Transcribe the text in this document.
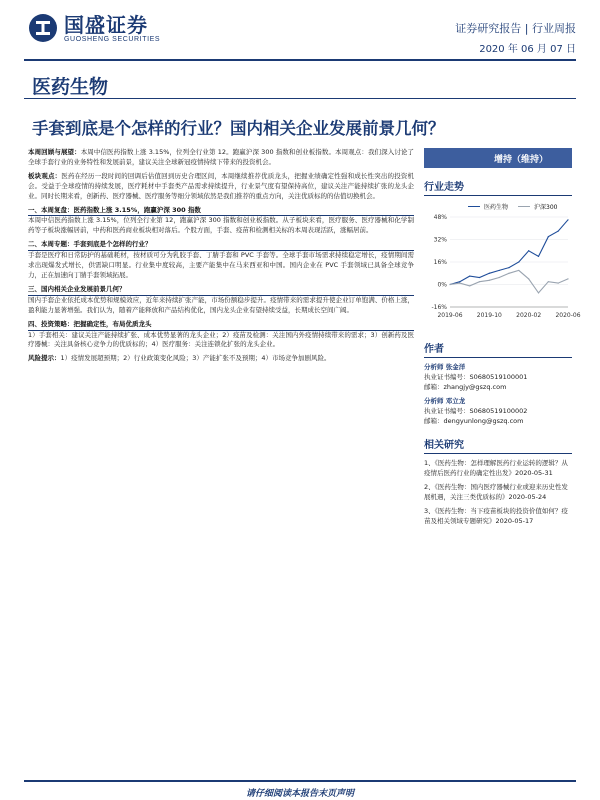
国盛证券
GUOSHENG SECURITIES
证券研究报告 | 行业周报
2020 年 06 月 07 日
医药生物
手套到底是个怎样的行业？国内相关企业发展前景几何？

本周回顾与展望：本周中信医药指数上涨 3.15%，位列全行业第 12。跑赢沪深 300 指数和创业板指数。本周观点：我们深入讨论了全球手套行业的业务特性和发展前景，建议关注全球新冠疫情持续下带来的投资机会。

板块观点：医药在经历一段时间的回调后估值回到历史合理区间，本周继续推荐优质龙头，把握业绩确定性强和成长性突出的投资机会。受益于全球疫情的持续发展，医疗耗材中手套类产品需求持续提升，行业景气度有望保持高位，建议关注产能持续扩张的龙头企业。同时长期来看，创新药、医疗器械、医疗服务等细分领域依然是我们推荐的重点方向，关注优质标的的估值切换机会。

一、本周复盘：医药指数上涨 3.15%，跑赢沪深 300 指数

本周中信医药指数上涨 3.15%，位列全行业第 12，跑赢沪深 300 指数和创业板指数。从子板块来看，医疗服务、医疗器械和化学制药等子板块涨幅居前，中药和医药商业板块相对落后。个股方面，手套、疫苗和检测相关标的本周表现活跃，涨幅居前。

二、本周专题：手套到底是个怎样的行业？

手套是医疗和日常防护的基础耗材，按材质可分为乳胶手套、丁腈手套和 PVC 手套等。全球手套市场需求持续稳定增长，疫情期间需求出现爆发式增长，供需缺口明显。行业集中度较高，主要产能集中在马来西亚和中国。国内企业在 PVC 手套领域已具备全球竞争力，正在加速向丁腈手套领域拓展。

三、国内相关企业发展前景几何？

国内手套企业依托成本优势和规模效应，近年来持续扩张产能，市场份额稳步提升。疫情带来的需求提升使企业订单饱满、价格上涨，盈利能力显著增强。我们认为，随着产能释放和产品结构优化，国内龙头企业有望持续受益，长期成长空间广阔。

四、投资策略：把握确定性，布局优质龙头

1）手套相关：建议关注产能持续扩张、成本优势显著的龙头企业；2）疫苗及检测：关注国内外疫情持续带来的需求；3）创新药及医疗器械：关注具备核心竞争力的优质标的；4）医疗服务：关注连锁化扩张的龙头企业。

风险提示：1）疫情发展超预期；2）行业政策变化风险；3）产能扩张不及预期；4）市场竞争加剧风险。

增持（维持）
行业走势
医药生物	沪深300
48%
32%
16%
0%
-16%
2019-06 2019-10 2020-02 2020-06
作者
分析师 张金洋
执业证书编号：S0680519100001
邮箱：zhangjy@gszq.com
分析师 邓立龙
执业证书编号：S0680519100002
邮箱：dengyunlong@gszq.com
相关研究
1、《医药生物：怎样理解医药行业运转的逻辑？从疫情后医药行业的确定性出发》2020-05-31
2、《医药生物：国内医疗器械行业或迎来历史性发展机遇，关注三类优质标的》2020-05-24
3、《医药生物：当下疫苗板块的投资价值如何？疫苗及相关领域专题研究》2020-05-17
请仔细阅读本报告末页声明
